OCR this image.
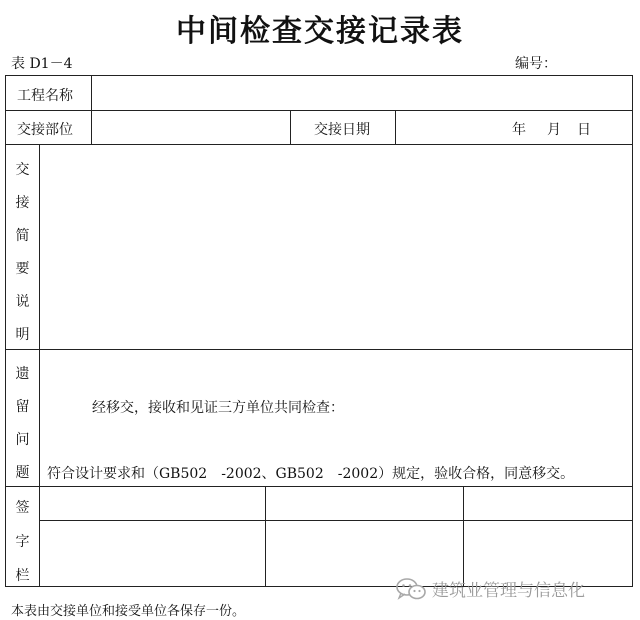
中间检查交接记录表
表 D1－4	编号：
工程名称
交接部位	交接日期	年 月 日
交
接
简
要
说
明
遗
留
问
题
经移交，接收和见证三方单位共同检查：
符合设计要求和（GB502　-2002、GB502　-2002）规定，验收合格，同意移交。
签
字
栏
本表由交接单位和接受单位各保存一份。
建筑业管理与信息化
